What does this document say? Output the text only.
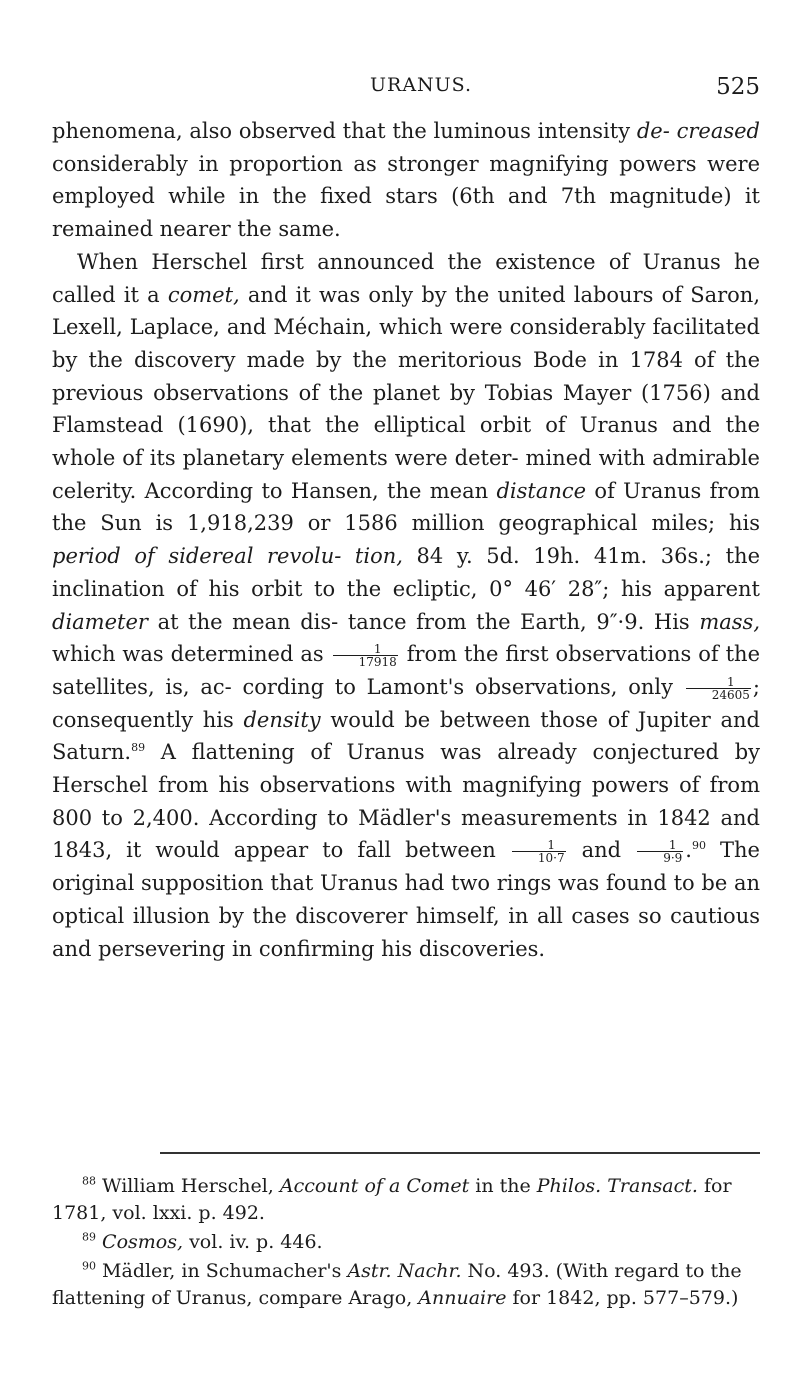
URANUS.	525

phenomena, also observed that the luminous intensity de- creased considerably in proportion as stronger magnifying powers were employed while in the fixed stars (6th and 7th magnitude) it remained nearer the same.

When Herschel first announced the existence of Uranus he called it a comet, and it was only by the united labours of Saron, Lexell, Laplace, and Méchain, which were considerably facilitated by the discovery made by the meritorious Bode in 1784 of the previous observations of the planet by Tobias Mayer (1756) and Flamstead (1690), that the elliptical orbit of Uranus and the whole of its planetary elements were deter- mined with admirable celerity. According to Hansen, the mean distance of Uranus from the Sun is 1,918,239 or 1586 million geographical miles; his period of sidereal revolu- tion, 84 y. 5d. 19h. 41m. 36s.; the inclination of his orbit to the ecliptic, 0° 46′ 28″; his apparent diameter at the mean dis- tance from the Earth, 9″·9. His mass, which was determined as $\frac{1}{17918}$ from the first observations of the satellites, is, ac- cording to Lamont's observations, only $\frac{1}{24605}$ ; consequently his density would be between those of Jupiter and Saturn.$^{89}$ A flattening of Uranus was already conjectured by Herschel from his observations with magnifying powers of from 800 to 2,400. According to Mädler's measurements in 1842 and 1843, it would appear to fall between $\frac{1}{10\cdot 7}$ and $\frac{1}{9\cdot 9} .^{90}$ The original supposition that Uranus had two rings was found to be an optical illusion by the discoverer himself, in all cases so cautious and persevering in confirming his discoveries.

$^{88}$ William Herschel, Account of a Comet in the Philos. Transact. for 1781, vol. lxxi. p. 492.

$^{89}$ Cosmos, vol. iv. p. 446.

$^{90}$ Mädler, in Schumacher's Astr. Nachr. No. 493. (With regard to the flattening of Uranus, compare Arago, Annuaire for 1842, pp. 577–579.)
